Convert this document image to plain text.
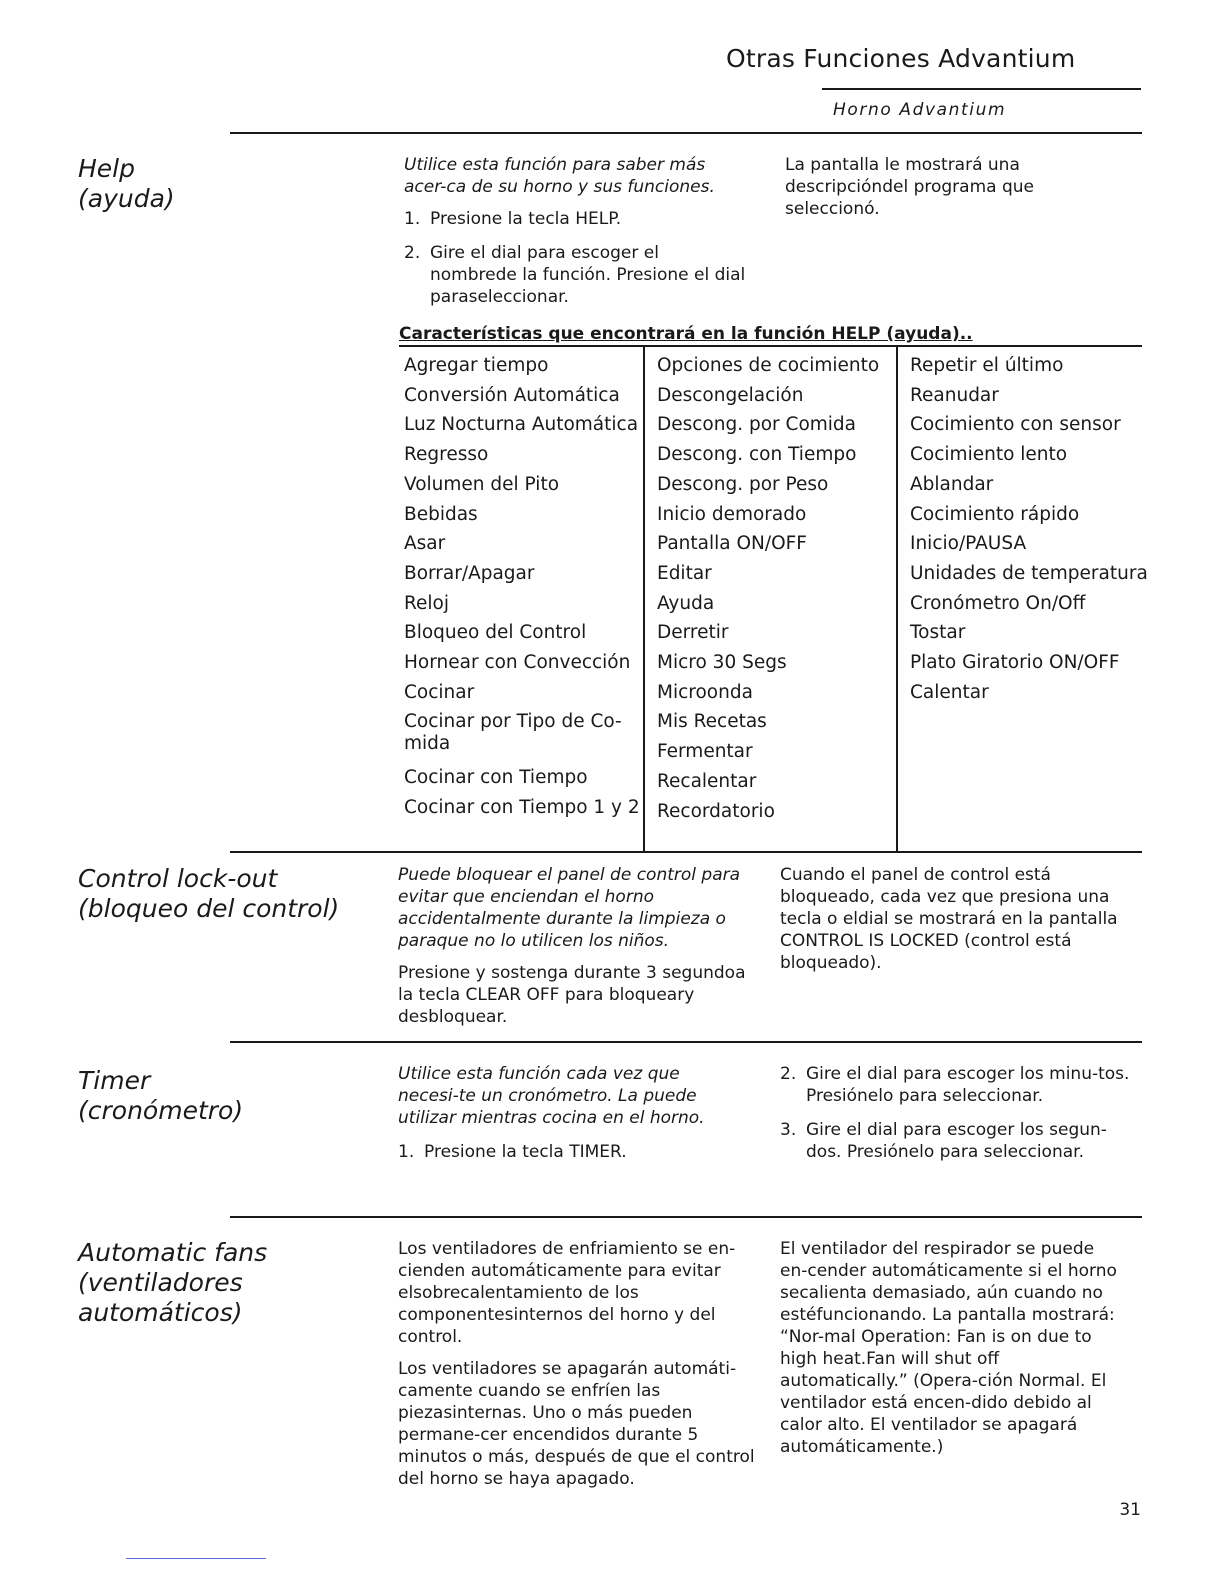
Otras Funciones Advantium
Horno Advantium
Help
(ayuda)

Utilice esta función para saber más acer-ca de su horno y sus funciones.

1. Presione la tecla HELP.
2. Gire el dial para escoger el nombrede la función. Presione el dial paraseleccionar.

La pantalla le mostrará una descripcióndel programa que seleccionó.

Características que encontrará en la función HELP (ayuda)..
Agregar tiempo
Conversión Automática
Luz Nocturna Automática
Regresso
Volumen del Pito
Bebidas
Asar
Borrar/Apagar
Reloj
Bloqueo del Control
Hornear con Convección
Cocinar
Cocinar por Tipo de Co-mida
Cocinar con Tiempo
Cocinar con Tiempo 1 y 2
Opciones de cocimiento
Descongelación
Descong. por Comida
Descong. con Tiempo
Descong. por Peso
Inicio demorado
Pantalla ON/OFF
Editar
Ayuda
Derretir
Micro 30 Segs
Microonda
Mis Recetas
Fermentar
Recalentar
Recordatorio
Repetir el último
Reanudar
Cocimiento con sensor
Cocimiento lento
Ablandar
Cocimiento rápido
Inicio/PAUSA
Unidades de temperatura
Cronómetro On/Off
Tostar
Plato Giratorio ON/OFF
Calentar
Control lock-out
(bloqueo del control)

Puede bloquear el panel de control para evitar que enciendan el horno accidentalmente durante la limpieza o paraque no lo utilicen los niños.

Presione y sostenga durante 3 segundoa la tecla CLEAR OFF para bloqueary desbloquear.

Cuando el panel de control está bloqueado, cada vez que presiona una tecla o eldial se mostrará en la pantalla CONTROL IS LOCKED (control está bloqueado).

Timer
(cronómetro)

Utilice esta función cada vez que necesi-te un cronómetro. La puede utilizar mientras cocina en el horno.

1. Presione la tecla TIMER.
2. Gire el dial para escoger los minu-tos. Presiónelo para seleccionar.
3. Gire el dial para escoger los segun-dos. Presiónelo para seleccionar.
Automatic fans
(ventiladores
automáticos)

Los ventiladores de enfriamiento se en-cienden automáticamente para evitar elsobrecalentamiento de los componentesinternos del horno y del control.

Los ventiladores se apagarán automáti-camente cuando se enfríen las piezasinternas. Uno o más pueden permane-cer encendidos durante 5 minutos o más, después de que el control del horno se haya apagado.

El ventilador del respirador se puede en-cender automáticamente si el horno secalienta demasiado, aún cuando no estéfuncionando. La pantalla mostrará: “Nor-mal Operation: Fan is on due to high heat.Fan will shut off automatically.” (Opera-ción Normal. El ventilador está encen-dido debido al calor alto. El ventilador se apagará automáticamente.)

31
